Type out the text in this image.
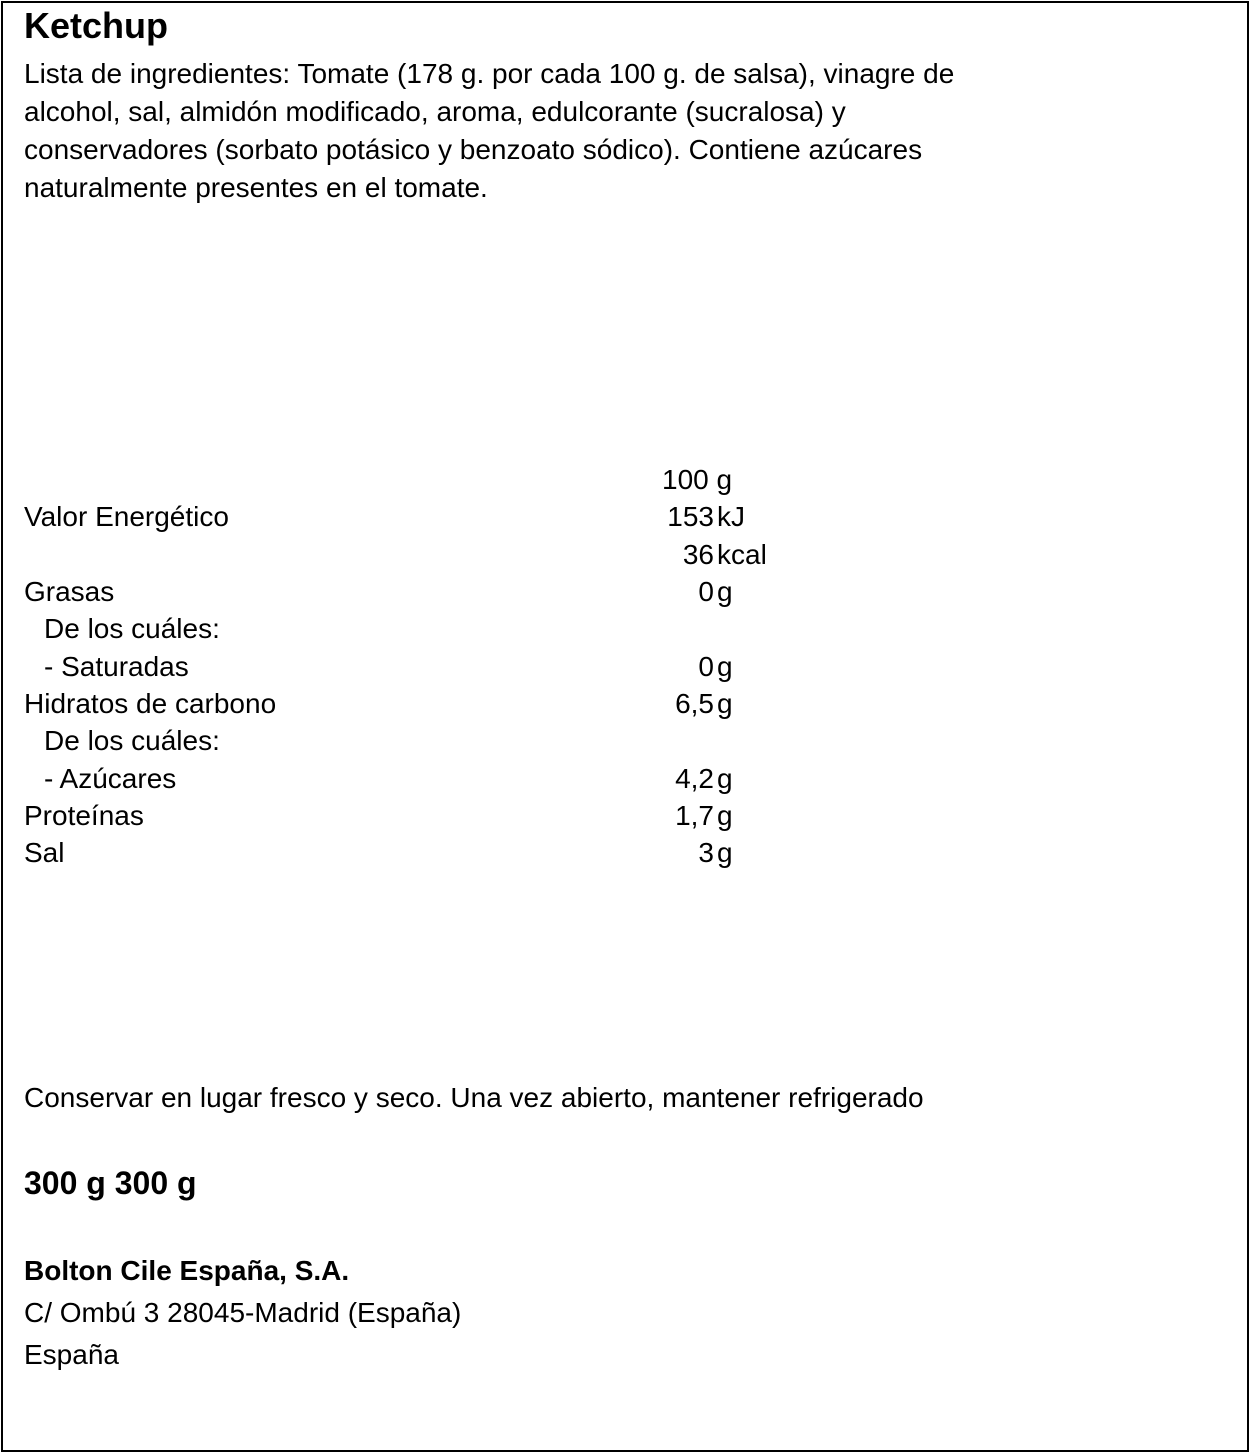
Ketchup
Lista de ingredientes: Tomate (178 g. por cada 100 g. de salsa), vinagre de
alcohol, sal, almidón modificado, aroma, edulcorante (sucralosa) y
conservadores (sorbato potásico y benzoato sódico). Contiene azúcares
naturalmente presentes en el tomate.
100 g
Valor Energético	153 kJ
36 kcal
Grasas	0 g
De los cuáles:
- Saturadas	0 g
Hidratos de carbono	6,5 g
De los cuáles:
- Azúcares	4,2 g
Proteínas	1,7 g
Sal	3 g
Conservar en lugar fresco y seco. Una vez abierto, mantener refrigerado
300 g 300 g
Bolton Cile España, S.A.
C/ Ombú 3 28045-Madrid (España)
España
